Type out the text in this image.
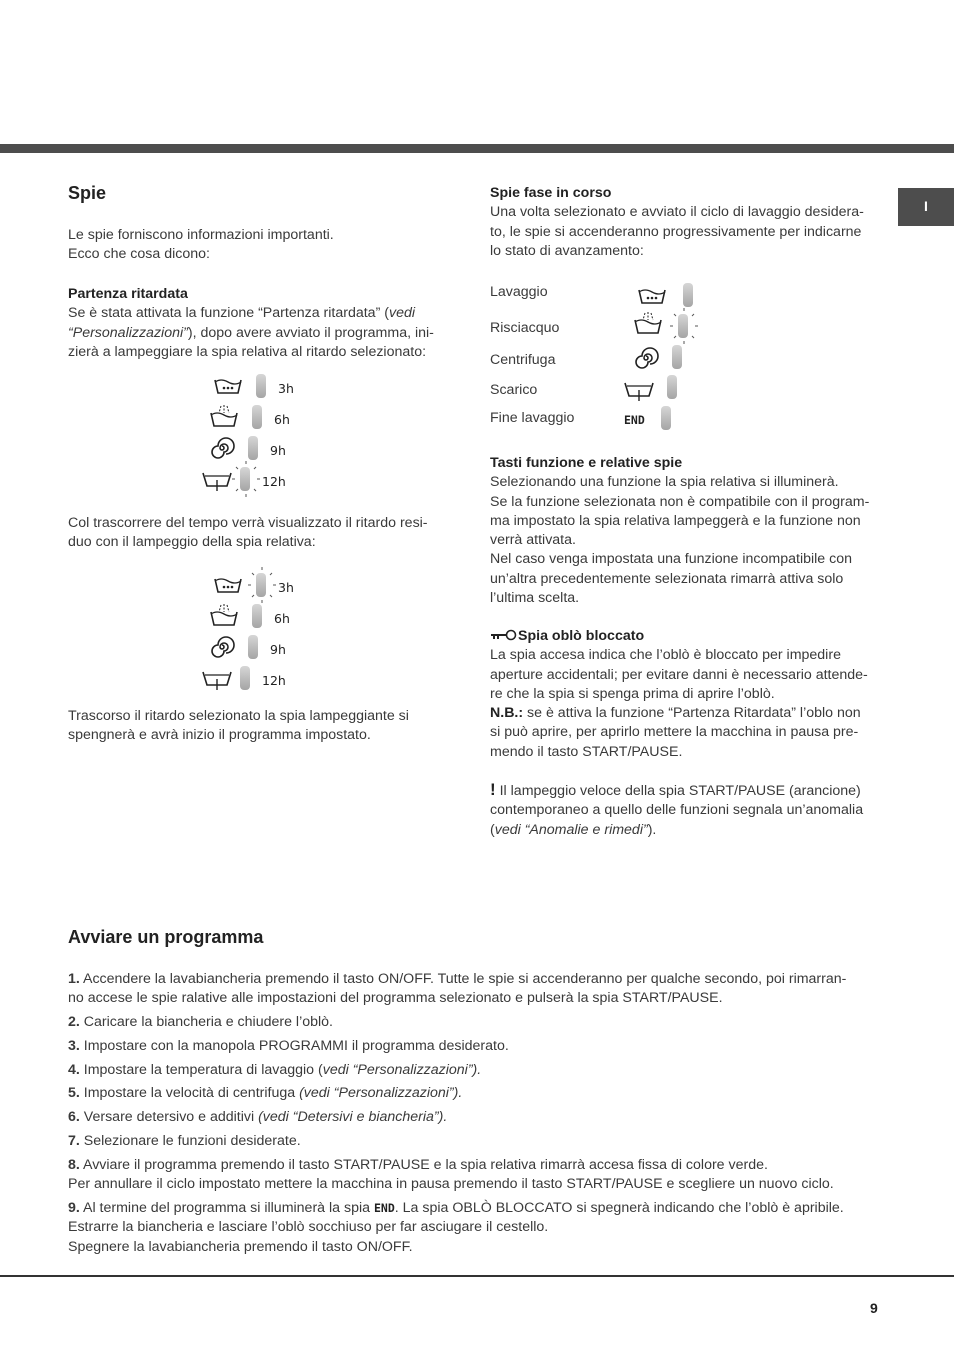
I
Spie

Le spie forniscono informazioni importanti.

Ecco che cosa dicono:

Partenza ritardata

Se è stata attivata la funzione “Partenza ritardata” (vedi

“Personalizzazioni”), dopo avere avviato il programma, ini-

zierà a lampeggiare la spia relativa al ritardo selezionato:

3h
6h
9h
12h

Col trascorrere del tempo verrà visualizzato il ritardo resi-

duo con il lampeggio della spia relativa:

3h
6h
9h
12h

Trascorso il ritardo selezionato la spia lampeggiante si

spengnerà e avrà inizio il programma impostato.

Spie fase in corso

Una volta selezionato e avviato il ciclo di lavaggio desidera-

to, le spie si accenderanno progressivamente per indicarne

lo stato di avanzamento:

Lavaggio
Risciacquo
Centrifuga
Scarico
Fine lavaggio	END

Tasti funzione e relative spie

Selezionando una funzione la spia relativa si illuminerà.

Se la funzione selezionata non è compatibile con il program-

ma impostato la spia relativa lampeggerà e la funzione non

verrà attivata.

Nel caso venga impostata una funzione incompatibile con

un’altra precedentemente selezionata rimarrà attiva solo

l’ultima scelta.

Spia oblò bloccato

La spia accesa indica che l’oblò è bloccato per impedire

aperture accidentali; per evitare danni è necessario attende-

re che la spia si spenga prima di aprire l’oblò.

N.B.: se è attiva la funzione “Partenza Ritardata” l’oblo non

si può aprire, per aprirlo mettere la macchina in pausa pre-

mendo il tasto START/PAUSE.

! Il lampeggio veloce della spia START/PAUSE (arancione)

contemporaneo a quello delle funzioni segnala un’anomalia

(vedi “Anomalie e rimedi”).

Avviare un programma

1. Accendere la lavabiancheria premendo il tasto ON/OFF. Tutte le spie si accenderanno per qualche secondo, poi rimarran-

no accese le spie ralative alle impostazioni del programma selezionato e pulserà la spia START/PAUSE.

2. Caricare la biancheria e chiudere l’oblò.

3. Impostare con la manopola PROGRAMMI il programma desiderato.

4. Impostare la temperatura di lavaggio (vedi “Personalizzazioni”).

5. Impostare la velocità di centrifuga (vedi “Personalizzazioni”).

6. Versare detersivo e additivi (vedi “Detersivi e biancheria”).

7. Selezionare le funzioni desiderate.

8. Avviare il programma premendo il tasto START/PAUSE e la spia relativa rimarrà accesa fissa di colore verde.

Per annullare il ciclo impostato mettere la macchina in pausa premendo il tasto START/PAUSE e scegliere un nuovo ciclo.

9. Al termine del programma si illuminerà la spia END. La spia OBLÒ BLOCCATO si spegnerà indicando che l’oblò è apribile.

Estrarre la biancheria e lasciare l’oblò socchiuso per far asciugare il cestello.

Spegnere la lavabiancheria premendo il tasto ON/OFF.

9
